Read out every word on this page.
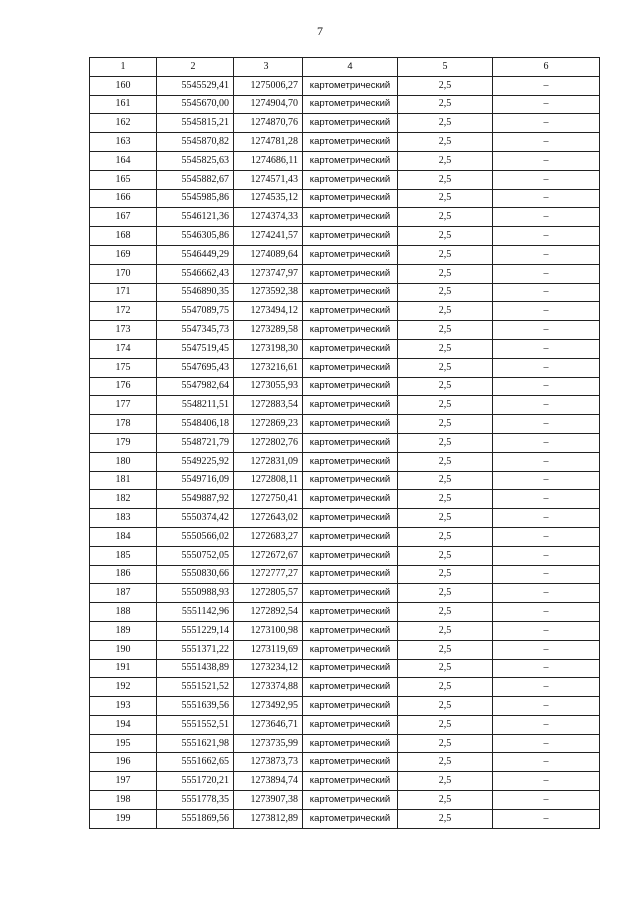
7
1	2	3	4	5	6
160	5545529,41	1275006,27	картометрический	2,5	–
161	5545670,00	1274904,70	картометрический	2,5	–
162	5545815,21	1274870,76	картометрический	2,5	–
163	5545870,82	1274781,28	картометрический	2,5	–
164	5545825,63	1274686,11	картометрический	2,5	–
165	5545882,67	1274571,43	картометрический	2,5	–
166	5545985,86	1274535,12	картометрический	2,5	–
167	5546121,36	1274374,33	картометрический	2,5	–
168	5546305,86	1274241,57	картометрический	2,5	–
169	5546449,29	1274089,64	картометрический	2,5	–
170	5546662,43	1273747,97	картометрический	2,5	–
171	5546890,35	1273592,38	картометрический	2,5	–
172	5547089,75	1273494,12	картометрический	2,5	–
173	5547345,73	1273289,58	картометрический	2,5	–
174	5547519,45	1273198,30	картометрический	2,5	–
175	5547695,43	1273216,61	картометрический	2,5	–
176	5547982,64	1273055,93	картометрический	2,5	–
177	5548211,51	1272883,54	картометрический	2,5	–
178	5548406,18	1272869,23	картометрический	2,5	–
179	5548721,79	1272802,76	картометрический	2,5	–
180	5549225,92	1272831,09	картометрический	2,5	–
181	5549716,09	1272808,11	картометрический	2,5	–
182	5549887,92	1272750,41	картометрический	2,5	–
183	5550374,42	1272643,02	картометрический	2,5	–
184	5550566,02	1272683,27	картометрический	2,5	–
185	5550752,05	1272672,67	картометрический	2,5	–
186	5550830,66	1272777,27	картометрический	2,5	–
187	5550988,93	1272805,57	картометрический	2,5	–
188	5551142,96	1272892,54	картометрический	2,5	–
189	5551229,14	1273100,98	картометрический	2,5	–
190	5551371,22	1273119,69	картометрический	2,5	–
191	5551438,89	1273234,12	картометрический	2,5	–
192	5551521,52	1273374,88	картометрический	2,5	–
193	5551639,56	1273492,95	картометрический	2,5	–
194	5551552,51	1273646,71	картометрический	2,5	–
195	5551621,98	1273735,99	картометрический	2,5	–
196	5551662,65	1273873,73	картометрический	2,5	–
197	5551720,21	1273894,74	картометрический	2,5	–
198	5551778,35	1273907,38	картометрический	2,5	–
199	5551869,56	1273812,89	картометрический	2,5	–
